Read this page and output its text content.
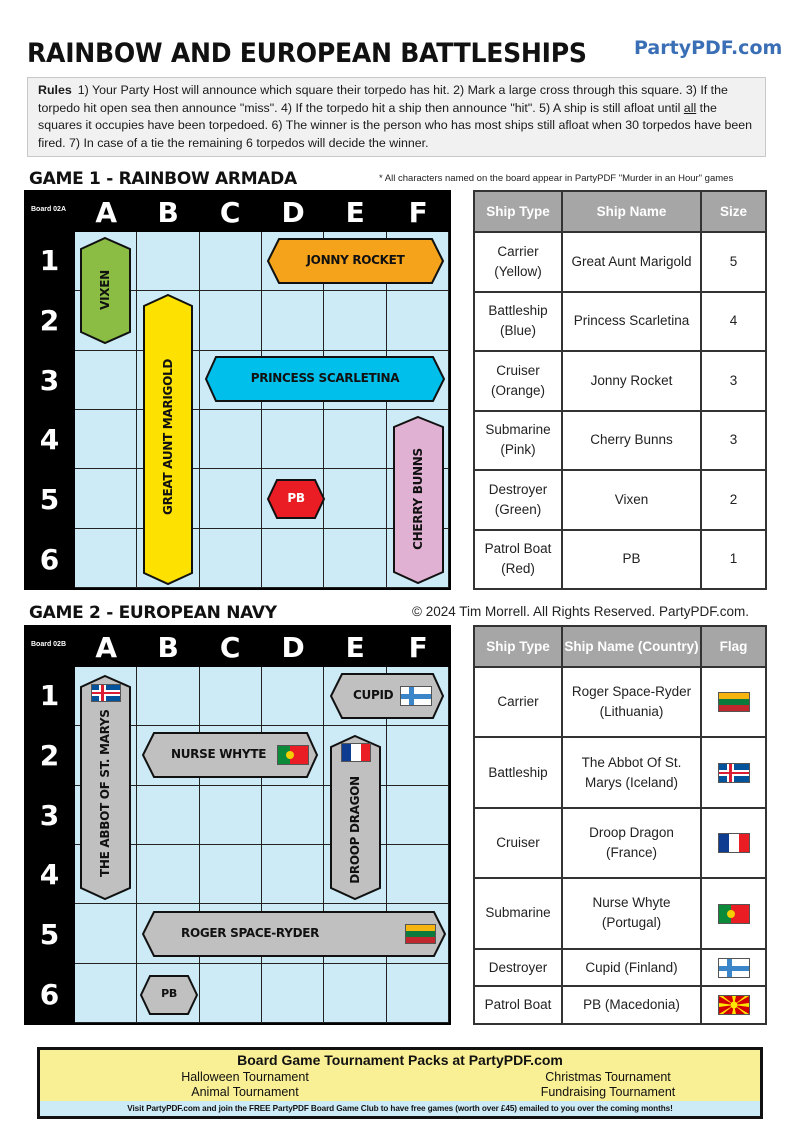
RAINBOW AND EUROPEAN BATTLESHIPS PartyPDF.com
Rules 1) Your Party Host will announce which square their torpedo has hit. 2) Mark a large cross through this square. 3) If the torpedo hit open sea then announce "miss". 4) If the torpedo hit a ship then announce "hit". 5) A ship is still afloat until all the squares it occupies have been torpedoed. 6) The winner is the person who has most ships still afloat when 30 torpedos have been fired. 7) In case of a tie the remaining 6 torpedos will decide the winner.
GAME 1 - RAINBOW ARMADA	* All characters named on the board appear in PartyPDF "Murder in an Hour" games
Board 02A	A	B	C	D	E	F
1
2
3
4
5
6
JONNY ROCKET
VIXEN
GREAT AUNT MARIGOLD	PRINCESS SCARLETINA
CHERRY BUNNS
PB
Ship Type	Ship Name	Size
Carrier
(Yellow)	Great Aunt Marigold	5
Battleship
(Blue)	Princess Scarletina	4
Cruiser
(Orange)	Jonny Rocket	3
Submarine
(Pink)	Cherry Bunns	3
Destroyer
(Green)	Vixen	2
Patrol Boat
(Red)	PB	1
GAME 2 - EUROPEAN NAVY	© 2024 Tim Morrell. All Rights Reserved. PartyPDF.com.
Board 02B	A	B	C	D	E	F
1
2
3
4
5
6
THE ABBOT OF ST. MARYS
CUPID
NURSE WHYTE
DROOP DRAGON
ROGER SPACE-RYDER
PB
Ship Type	Ship Name (Country)	Flag
Carrier	Roger Space-Ryder
(Lithuania)	

Battleship	The Abbot Of St.
Marys (Iceland)	

Cruiser	Droop Dragon
(France)	

Submarine	Nurse Whyte
(Portugal)	

Destroyer	Cupid (Finland)	

Patrol Boat	PB (Macedonia)	
Board Game Tournament Packs at PartyPDF.com
Halloween Tournament	Christmas Tournament
Animal Tournament	Fundraising Tournament
Visit PartyPDF.com and join the FREE PartyPDF Board Game Club to have free games (worth over £45) emailed to you over the coming months!
